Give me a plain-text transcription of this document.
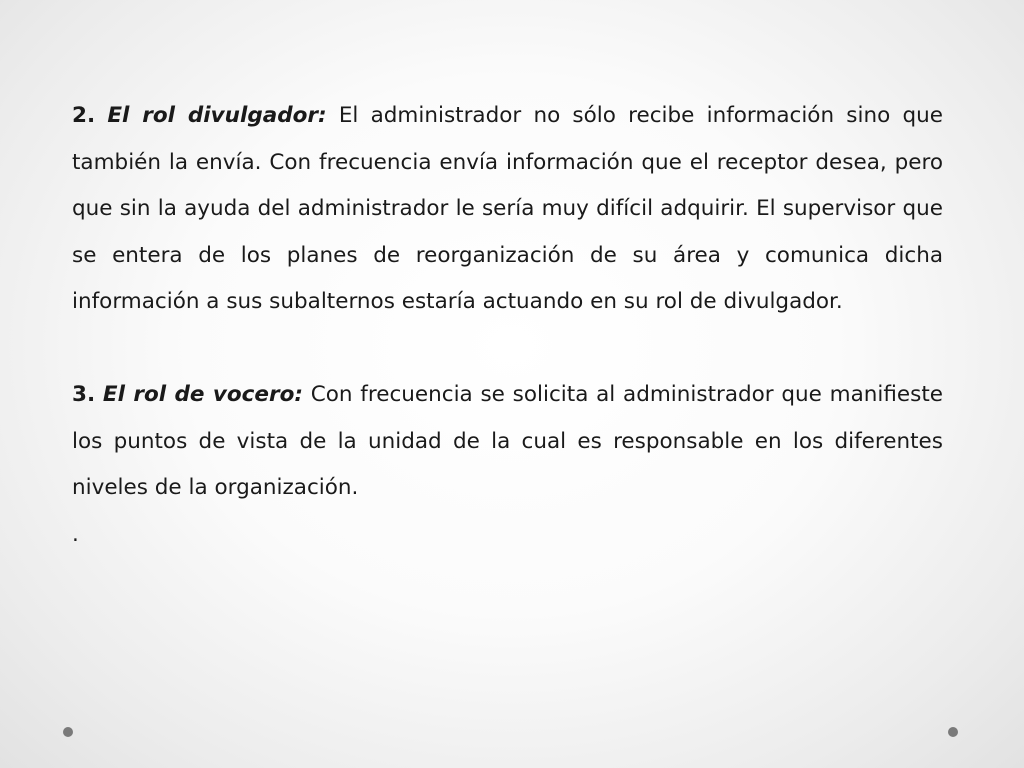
2. El rol divulgador: El administrador no sólo recibe información sino que también la envía. Con frecuencia envía información que el receptor desea, pero que sin la ayuda del administrador le sería muy difícil adquirir. El supervisor que se entera de los planes de reorganización de su área y comunica dicha información a sus subalternos estaría actuando en su rol de divulgador.

3. El rol de vocero: Con frecuencia se solicita al administrador que manifieste los puntos de vista de la unidad de la cual es responsable en los diferentes niveles de la organización.

.
